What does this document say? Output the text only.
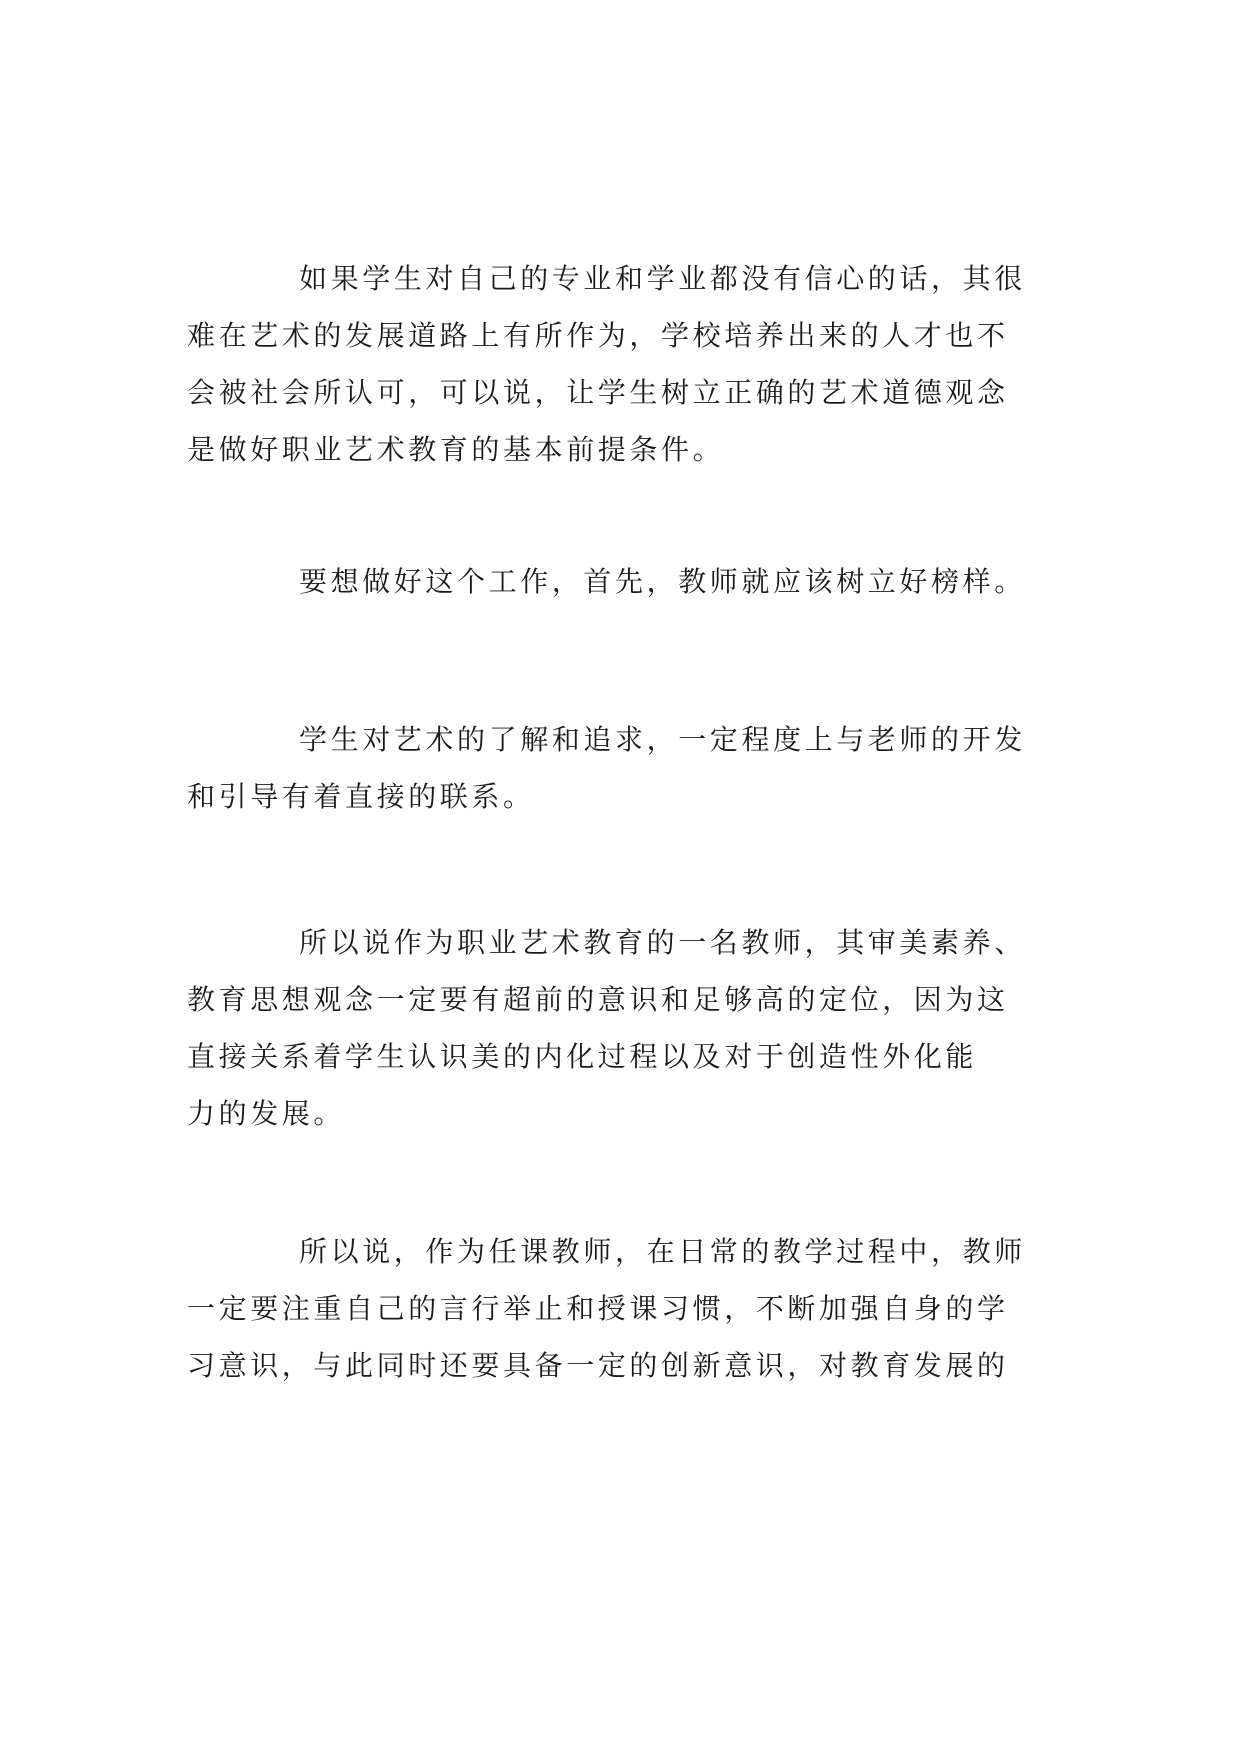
如果学生对自己的专业和学业都没有信心的话，其很
难在艺术的发展道路上有所作为，学校培养出来的人才也不
会被社会所认可，可以说，让学生树立正确的艺术道德观念
是做好职业艺术教育的基本前提条件。
要想做好这个工作，首先，教师就应该树立好榜样。
学生对艺术的了解和追求，一定程度上与老师的开发
和引导有着直接的联系。
所以说作为职业艺术教育的一名教师，其审美素养、
教育思想观念一定要有超前的意识和足够高的定位，因为这
直接关系着学生认识美的内化过程以及对于创造性外化能
力的发展。
所以说，作为任课教师，在日常的教学过程中，教师
一定要注重自己的言行举止和授课习惯，不断加强自身的学
习意识，与此同时还要具备一定的创新意识，对教育发展的
